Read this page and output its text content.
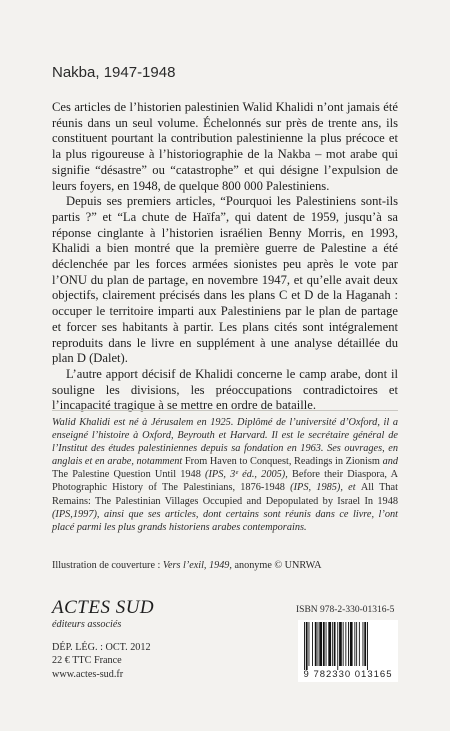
Nakba, 1947-1948

Ces articles de l’historien palestinien Walid Khalidi n’ont jamais été réunis dans un seul volume. Échelonnés sur près de trente ans, ils constituent pourtant la contribution palestinienne la plus précoce et la plus rigoureuse à l’historiographie de la Nakba – mot arabe qui signifie “désastre” ou “catastrophe” et qui désigne l’expulsion de leurs foyers, en 1948, de quelque 800 000 Palestiniens.

Depuis ses premiers articles, “Pourquoi les Palestiniens sont-ils partis ?” et “La chute de Haïfa”, qui datent de 1959, jusqu’à sa réponse cinglante à l’historien israélien Benny Morris, en 1993, Khalidi a bien montré que la première guerre de Palestine a été déclenchée par les forces armées sionistes peu après le vote par l’ONU du plan de partage, en novembre 1947, et qu’elle avait deux objectifs, clairement précisés dans les plans C et D de la Haganah : occuper le territoire imparti aux Palestiniens par le plan de partage et forcer ses habitants à partir. Les plans cités sont intégralement reproduits dans le livre en supplément à une analyse détaillée du plan D (Dalet).

L’autre apport décisif de Khalidi concerne le camp arabe, dont il souligne les divisions, les préoccupations contradictoires et l’incapacité tragique à se mettre en ordre de bataille.

Walid Khalidi est né à Jérusalem en 1925. Diplômé de l’université d’Oxford, il a enseigné l’histoire à Oxford, Beyrouth et Harvard. Il est le secrétaire général de l’Institut des études palestiniennes depuis sa fondation en 1963. Ses ouvrages, en anglais et en arabe, notamment From Haven to Conquest, Readings in Zionism and The Palestine Question Until 1948 (IPS, 3ᵉ éd., 2005), Before their Diaspora, A Photographic History of The Palestinians, 1876-1948 (IPS, 1985), et All That Remains: The Palestinian Villages Occupied and Depopulated by Israel In 1948 (IPS,1997), ainsi que ses articles, dont certains sont réunis dans ce livre, l’ont placé parmi les plus grands historiens arabes contemporains.
Illustration de couverture : Vers l’exil, 1949, anonyme © UNRWA
ACTES SUD
éditeurs associés
ISBN 978-2-330-01316-5
DÉP. LÉG. : OCT. 2012
22 € TTC France
www.actes-sud.fr	9 782330 013165
